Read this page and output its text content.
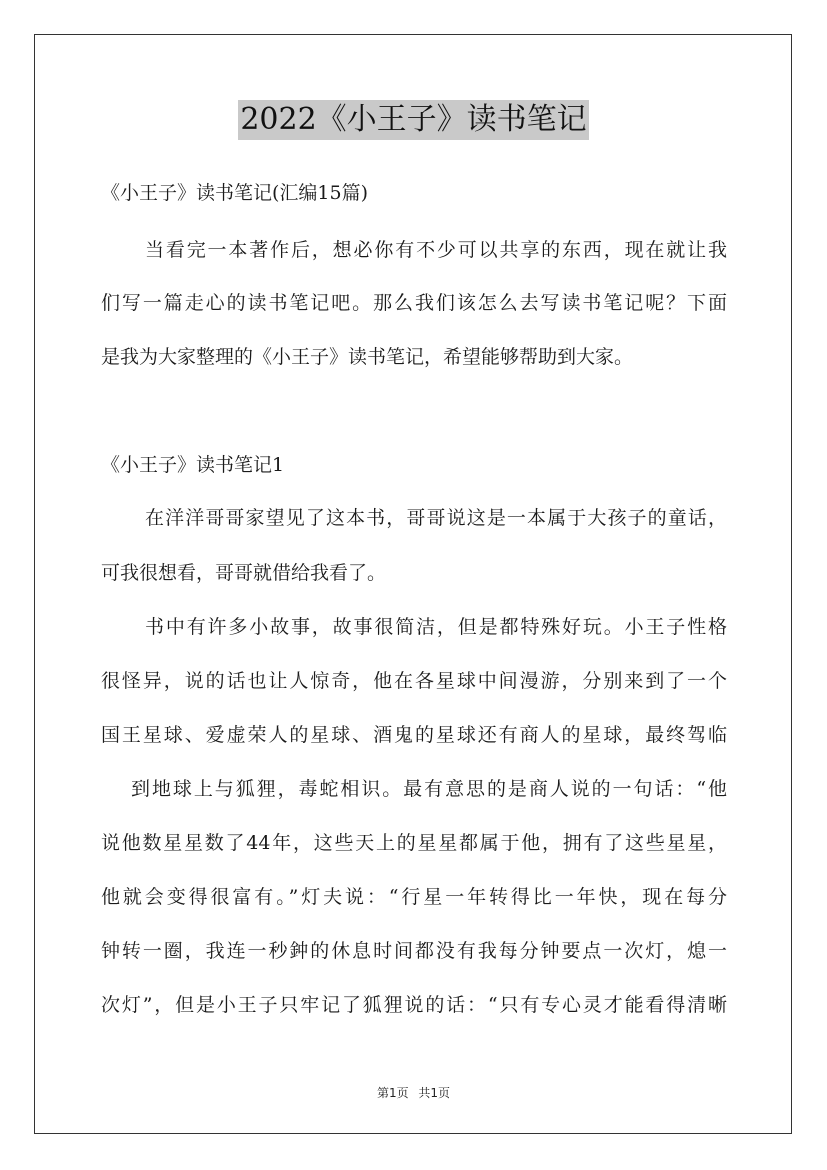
2022《小王子》读书笔记
《小王子》读书笔记(汇编15篇)
当看完一本著作后，想必你有不少可以共享的东西，现在就让我
们写一篇走心的读书笔记吧。那么我们该怎么去写读书笔记呢？下面
是我为大家整理的《小王子》读书笔记，希望能够帮助到大家。
《小王子》读书笔记1
在洋洋哥哥家望见了这本书，哥哥说这是一本属于大孩子的童话，
可我很想看，哥哥就借给我看了。
书中有许多小故事，故事很简洁，但是都特殊好玩。小王子性格
很怪异，说的话也让人惊奇，他在各星球中间漫游，分别来到了一个
国王星球、爱虚荣人的星球、酒鬼的星球还有商人的星球，最终驾临
到地球上与狐狸，毒蛇相识。最有意思的是商人说的一句话：“他
说他数星星数了44年，这些天上的星星都属于他，拥有了这些星星，
他就会变得很富有。”灯夫说：“行星一年转得比一年快，现在每分
钟转一圈，我连一秒鈡的休息时间都没有我每分钟要点一次灯，熄一
次灯”，但是小王子只牢记了狐狸说的话：“只有专心灵才能看得清晰
第1页 共1页
